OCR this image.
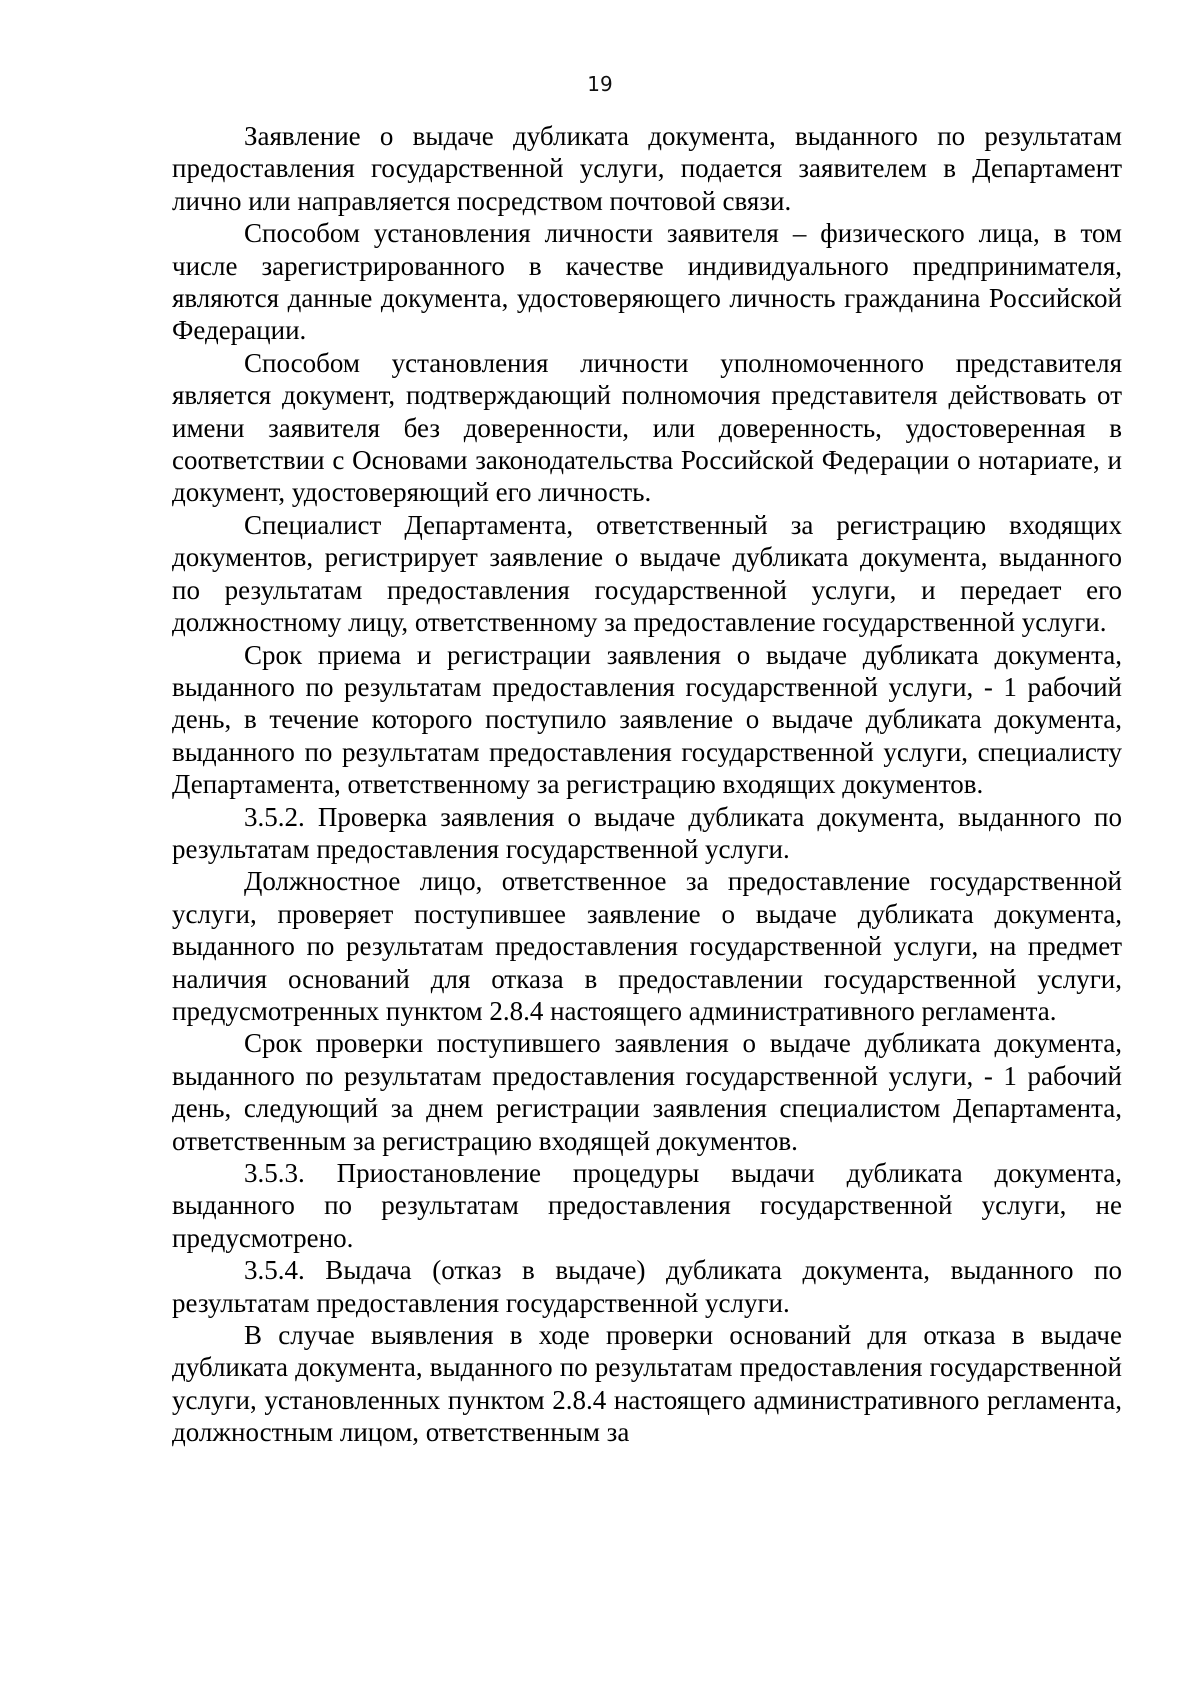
19

Заявление о выдаче дубликата документа, выданного по результатам предоставления государственной услуги, подается заявителем в Департамент лично или направляется посредством почтовой связи.

Способом установления личности заявителя – физического лица, в том числе зарегистрированного в качестве индивидуального предпринимателя, являются данные документа, удостоверяющего личность гражданина Российской Федерации.

Способом установления личности уполномоченного представителя является документ, подтверждающий полномочия представителя действовать от имени заявителя без доверенности, или доверенность, удостоверенная в соответствии с Основами законодательства Российской Федерации о нотариате, и документ, удостоверяющий его личность.

Специалист Департамента, ответственный за регистрацию входящих документов, регистрирует заявление о выдаче дубликата документа, выданного по результатам предоставления государственной услуги, и передает его должностному лицу, ответственному за предоставление государственной услуги.

Срок приема и регистрации заявления о выдаче дубликата документа, выданного по результатам предоставления государственной услуги, - 1 рабочий день, в течение которого поступило заявление о выдаче дубликата документа, выданного по результатам предоставления государственной услуги, специалисту Департамента, ответственному за регистрацию входящих документов.

3.5.2. Проверка заявления о выдаче дубликата документа, выданного по результатам предоставления государственной услуги.

Должностное лицо, ответственное за предоставление государственной услуги, проверяет поступившее заявление о выдаче дубликата документа, выданного по результатам предоставления государственной услуги, на предмет наличия оснований для отказа в предоставлении государственной услуги, предусмотренных пунктом 2.8.4 настоящего административного регламента.

Срок проверки поступившего заявления о выдаче дубликата документа, выданного по результатам предоставления государственной услуги, - 1 рабочий день, следующий за днем регистрации заявления специалистом Департамента, ответственным за регистрацию входящей документов.

3.5.3. Приостановление процедуры выдачи дубликата документа, выданного по результатам предоставления государственной услуги, не предусмотрено.

3.5.4. Выдача (отказ в выдаче) дубликата документа, выданного по результатам предоставления государственной услуги.

В случае выявления в ходе проверки оснований для отказа в выдаче дубликата документа, выданного по результатам предоставления государственной услуги, установленных пунктом 2.8.4 настоящего административного регламента, должностным лицом, ответственным за
